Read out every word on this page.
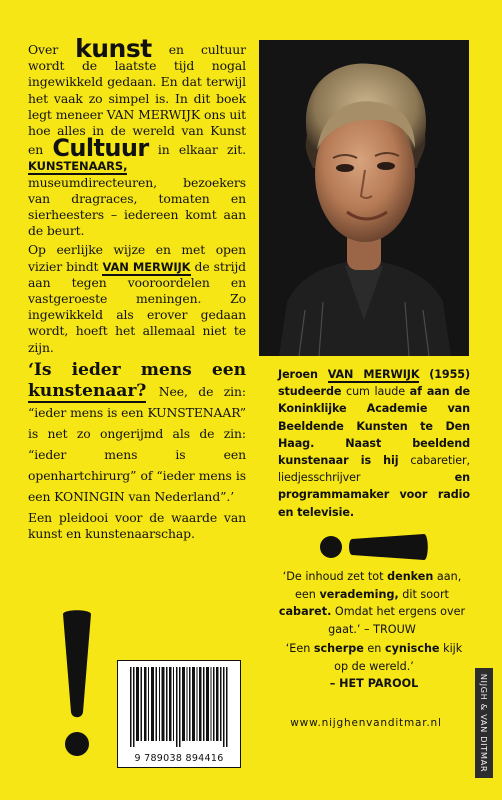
Over kunst en cultuur wordt de laatste tijd nogal ingewikkeld gedaan. En dat terwijl het vaak zo simpel is. In dit boek legt meneer VAN MERWIJK ons uit hoe alles in de wereld van Kunst en Cultuur in elkaar zit. KUNSTENAARS, museumdirecteuren, bezoekers van dragraces, tomaten en sierheesters – iedereen komt aan de beurt.

Op eerlijke wijze en met open vizier bindt VAN MERWIJK de strijd aan tegen vooroordelen en vastgeroeste meningen. Zo ingewikkeld als erover gedaan wordt, hoeft het allemaal niet te zijn.

‘Is ieder mens een kunstenaar? Nee, de zin: “ieder mens is een KUNSTENAAR” is net zo ongerijmd als de zin: “ieder mens is een openhartchirurg” of “ieder mens is een KONINGIN van Nederland”.’

Een pleidooi voor de waarde van kunst en kunstenaarschap.

9 789038 894416
Jeroen VAN MERWIJK (1955) studeerde cum laude af aan de Koninklijke Academie van Beeldende Kunsten te Den Haag. Naast beeldend kunstenaar is hij cabaretier, liedjesschrijver	en programmamaker voor radio en televisie.
‘De inhoud zet tot denken aan, een verademing, dit soort cabaret. Omdat het ergens over gaat.’ – TROUW
‘Een scherpe en cynische kijk op de wereld.’
– HET PAROOL
www.nijghenvanditmar.nl	NIJGH & VAN DITMAR
